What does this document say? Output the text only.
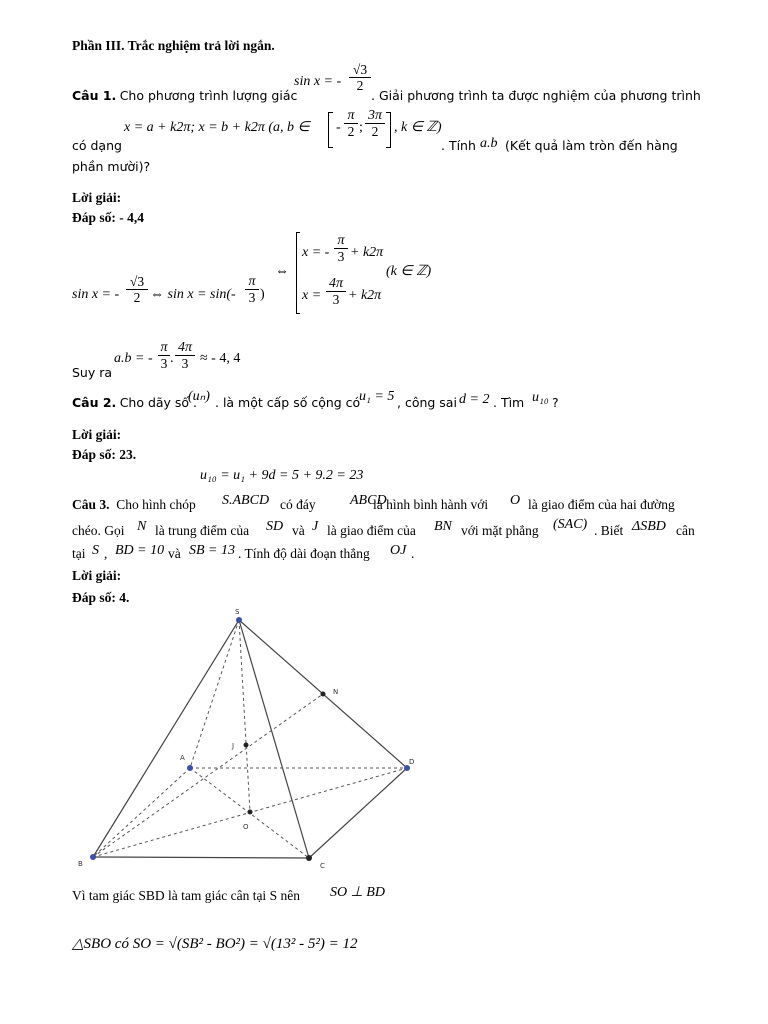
Phần III. Trắc nghiệm trả lời ngắn.
Câu 1. Cho phương trình lượng giác
sin x = - $\frac{√3}{2}$
. Giải phương trình ta được nghiệm của phương trình
x = a + k2π; x = b + k2π (a, b ∈ - $\frac{\pi}{2}$ ; $\frac{3\pi}{2}$ , k ∈ ℤ)
có dạng	. Tính a.b (Kết quả làm tròn đến hàng
phần mười)?
Lời giải:
Đáp số: - 4,4
sin x = - $\frac{√3}{2}$ ⇔ $\sin x = \sin(- \frac{\pi}{3}$ )
⇔
x = - $\frac{\pi}{3} + k2\pi$
$x = \frac{4\pi}{3} + k2\pi$
(k ∈ ℤ)
Suy ra
a.b = - $\frac{\pi}{3}$ . $\frac{4\pi}{3}$ ≈ - 4, 4
Câu 2. Cho dãy số .
(uₙ) . là một cấp số cộng có
u₁ = 5 , công sai d = 2 . Tìm u₁₀ ?
Lời giải:
Đáp số: 23.
u₁₀ = u₁ + 9d = 5 + 9.2 = 23
Câu 3. Cho hình chóp S.ABCD có đáy ABCD
là hình bình hành với O là giao điểm của hai đường
chéo. Gọi N là trung điểm của SD và J là giao điểm của BN với mặt phẳng (SAC) . Biết ΔSBD cân
tại S , BD = 10 và SB = 13 . Tính độ dài đoạn thẳng OJ .
Lời giải:
Đáp số: 4.
S
N
J
A	D
O
B	C
Vì tam giác SBD là tam giác cân tại S nên SO ⊥ BD
△SBO có SO = √(SB² - BO²) = √(13² - 5²) = 12
